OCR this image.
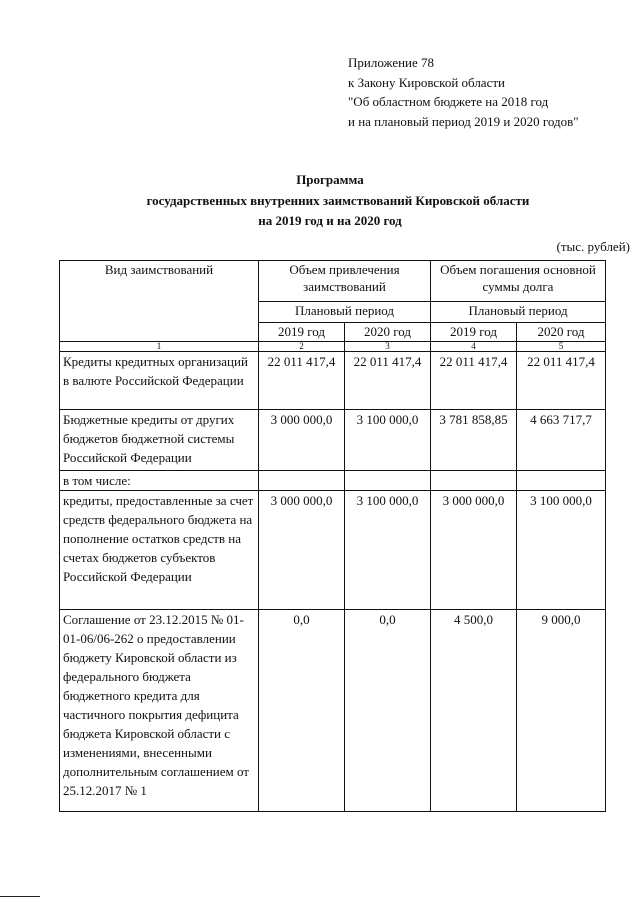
Приложение 78
к Закону Кировской области
"Об областном бюджете на 2018 год
и на плановый период 2019 и 2020 годов"
Программа
государственных внутренних заимствований Кировской области
на 2019 год и на 2020 год
(тыс. рублей)
Вид заимствований	Объем привлечения заимствований		Объем погашения основной суммы долга	
	Плановый период		Плановый период	
	2019 год	2020 год	2019 год	2020 год
1	2	3	4	5
Кредиты кредитных организаций в валюте Российской Федерации	22 011 417,4	22 011 417,4	22 011 417,4	22 011 417,4
Бюджетные кредиты от других бюджетов бюджетной системы Российской Федерации	3 000 000,0	3 100 000,0	3 781 858,85	4 663 717,7
в том числе:				
кредиты, предоставленные за счет средств федерального бюджета на пополнение остатков средств на счетах бюджетов субъектов Российской Федерации	3 000 000,0	3 100 000,0	3 000 000,0	3 100 000,0
Соглашение от 23.12.2015 № 01-01-06/06-262 о предоставлении бюджету Кировской области из федерального бюджета бюджетного кредита для частичного покрытия дефицита бюджета Кировской области с изменениями, внесенными дополнительным соглашением от 25.12.2017 № 1	0,0	0,0	4 500,0	9 000,0
